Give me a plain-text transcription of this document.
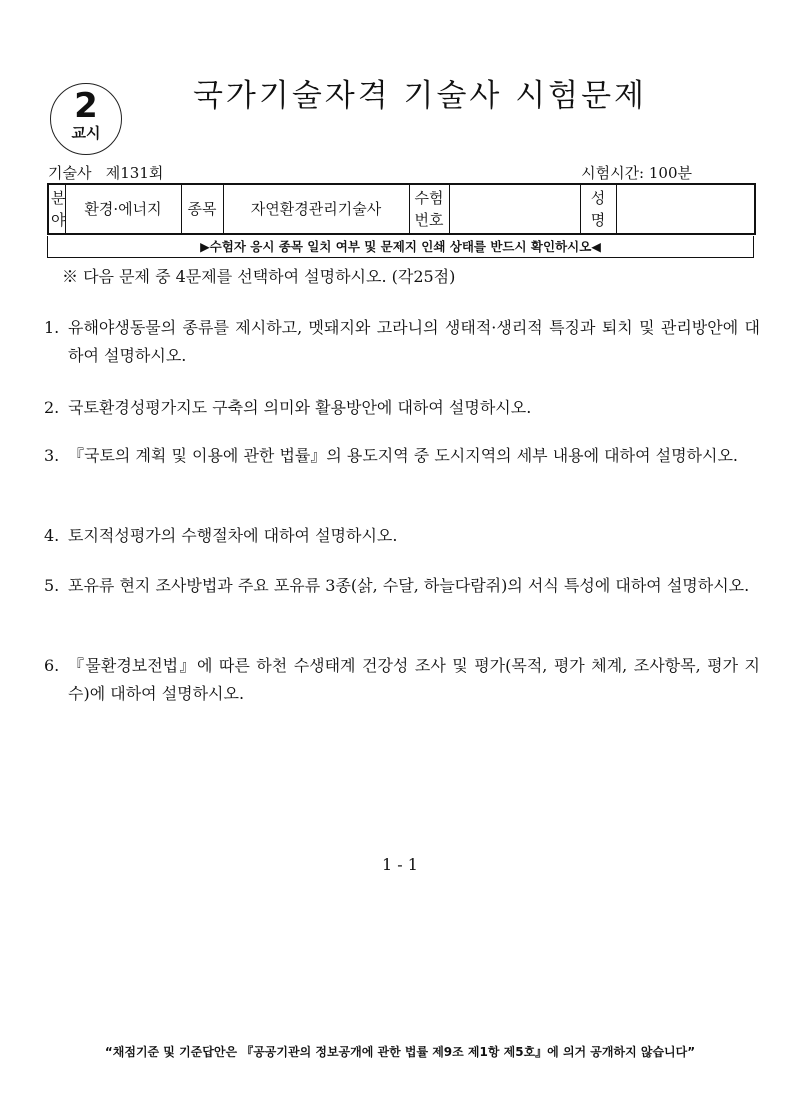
2
교시
국가기술자격 기술사 시험문제
기술사   제131회	시험시간: 100분
분 야	환경·에너지	종목	자연환경관리기술사	수험 번호		성 명	
▶수험자 응시 종목 일치 여부 및 문제지 인쇄 상태를 반드시 확인하시오◀
※ 다음 문제 중 4문제를 선택하여 설명하시오. (각25점)
1. 유해야생동물의 종류를 제시하고, 멧돼지와 고라니의 생태적·생리적 특징과 퇴치 및 관리방안에 대하여 설명하시오.
2. 국토환경성평가지도 구축의 의미와 활용방안에 대하여 설명하시오.
3. 『국토의 계획 및 이용에 관한 법률』의 용도지역 중 도시지역의 세부 내용에 대하여 설명하시오.
4. 토지적성평가의 수행절차에 대하여 설명하시오.
5. 포유류 현지 조사방법과 주요 포유류 3종(삵, 수달, 하늘다람쥐)의 서식 특성에 대하여 설명하시오.
6. 『물환경보전법』에 따른 하천 수생태계 건강성 조사 및 평가(목적, 평가 체계, 조사항목, 평가 지수)에 대하여 설명하시오.
1 - 1
“채점기준 및 기준답안은 『공공기관의 정보공개에 관한 법률 제9조 제1항 제5호』에 의거 공개하지 않습니다”
